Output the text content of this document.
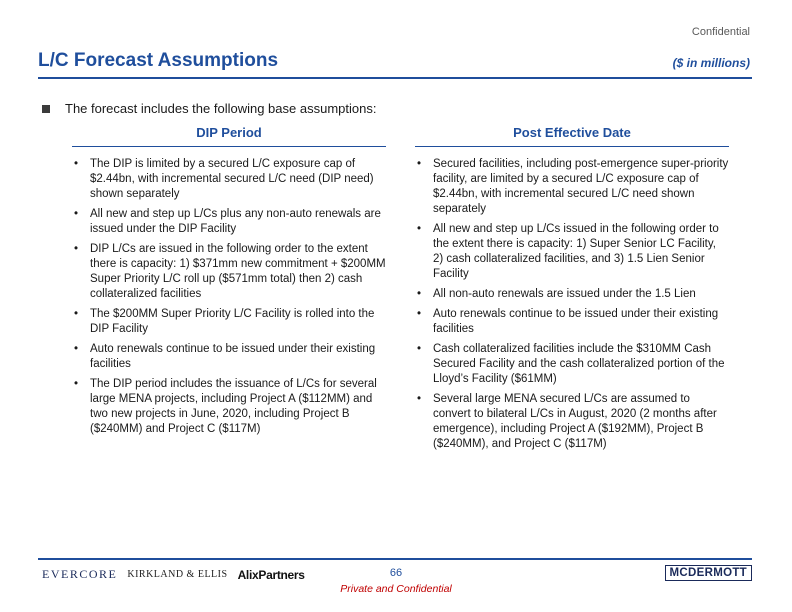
Confidential
L/C Forecast Assumptions	($ in millions)
The forecast includes the following base assumptions:
DIP Period
• The DIP is limited by a secured L/C exposure cap of $2.44bn, with incremental secured L/C need (DIP need) shown separately
• All new and step up L/Cs plus any non-auto renewals are issued under the DIP Facility
• DIP L/Cs are issued in the following order to the extent there is capacity: 1) $371mm new commitment + $200MM Super Priority L/C roll up ($571mm total) then 2) cash collateralized facilities
• The $200MM Super Priority L/C Facility is rolled into the DIP Facility
• Auto renewals continue to be issued under their existing facilities
• The DIP period includes the issuance of L/Cs for several large MENA projects, including Project A ($112MM) and two new projects in June, 2020, including Project B ($240MM) and Project C ($117M)
Post Effective Date
• Secured facilities, including post-emergence super-priority facility, are limited by a secured L/C exposure cap of $2.44bn, with incremental secured L/C need shown separately
• All new and step up L/Cs issued in the following order to the extent there is capacity: 1) Super Senior LC Facility, 2) cash collateralized facilities, and 3) 1.5 Lien Senior Facility
• All non-auto renewals are issued under the 1.5 Lien
• Auto renewals continue to be issued under their existing facilities
• Cash collateralized facilities include the $310MM Cash Secured Facility and the cash collateralized portion of the Lloyd’s Facility ($61MM)
• Several large MENA secured L/Cs are assumed to convert to bilateral L/Cs in August, 2020 (2 months after emergence), including Project A ($192MM), Project B ($240MM), and Project C ($117M)
EVERCORE KIRKLAND & ELLIS AlixPartners	66
Private and Confidential
MCDERMOTT
